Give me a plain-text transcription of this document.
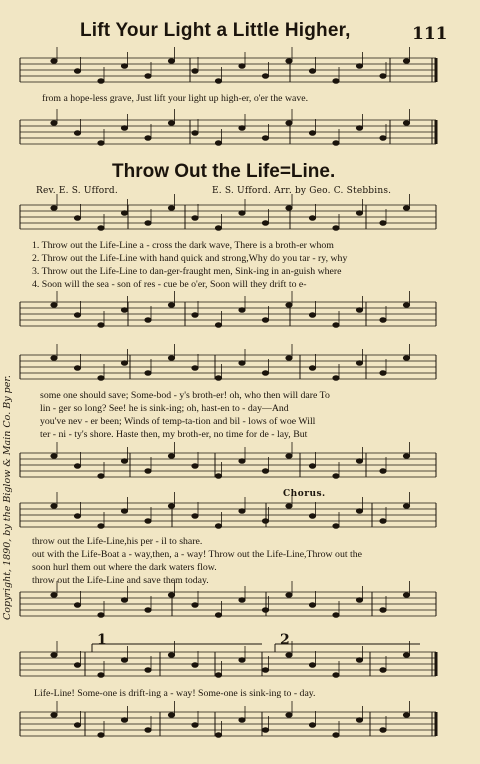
Lift Your Light a Little Higher,	111
from a hope-less grave, Just lift your light up high-er, o'er the wave.
Throw Out the Life=Line.
Rev. E. S. Ufford.	E. S. Ufford. Arr. by Geo. C. Stebbins.
1. Throw out the Life-Line a - cross the dark wave, There is a broth-er whom
2. Throw out the Life-Line with hand quick and strong,Why do you tar - ry, why
3. Throw out the Life-Line to dan-ger-fraught men, Sink-ing in an-guish where
4. Soon will the sea - son of res - cue be o'er, Soon will they drift to e-
some one should save; Some-bod - y's broth-er! oh, who then will dare To
lin - ger so long? See! he is sink-ing; oh, hast-en to - day—And
you've nev - er been; Winds of temp-ta-tion and bil - lows of woe Will
ter - ni - ty's shore. Haste then, my broth-er, no time for de - lay, But
Chorus.
throw out the Life-Line,his per - il to share.
out with the Life-Boat a - way,then, a - way! Throw out the Life-Line,Throw out the
soon hurl them out where the dark waters flow.
throw out the Life-Line and save them today.
1	2
Life-Line! Some-one is drift-ing a - way! Some-one is sink-ing to - day.
Copyright, 1890, by the Biglow & Main Co. By per.
